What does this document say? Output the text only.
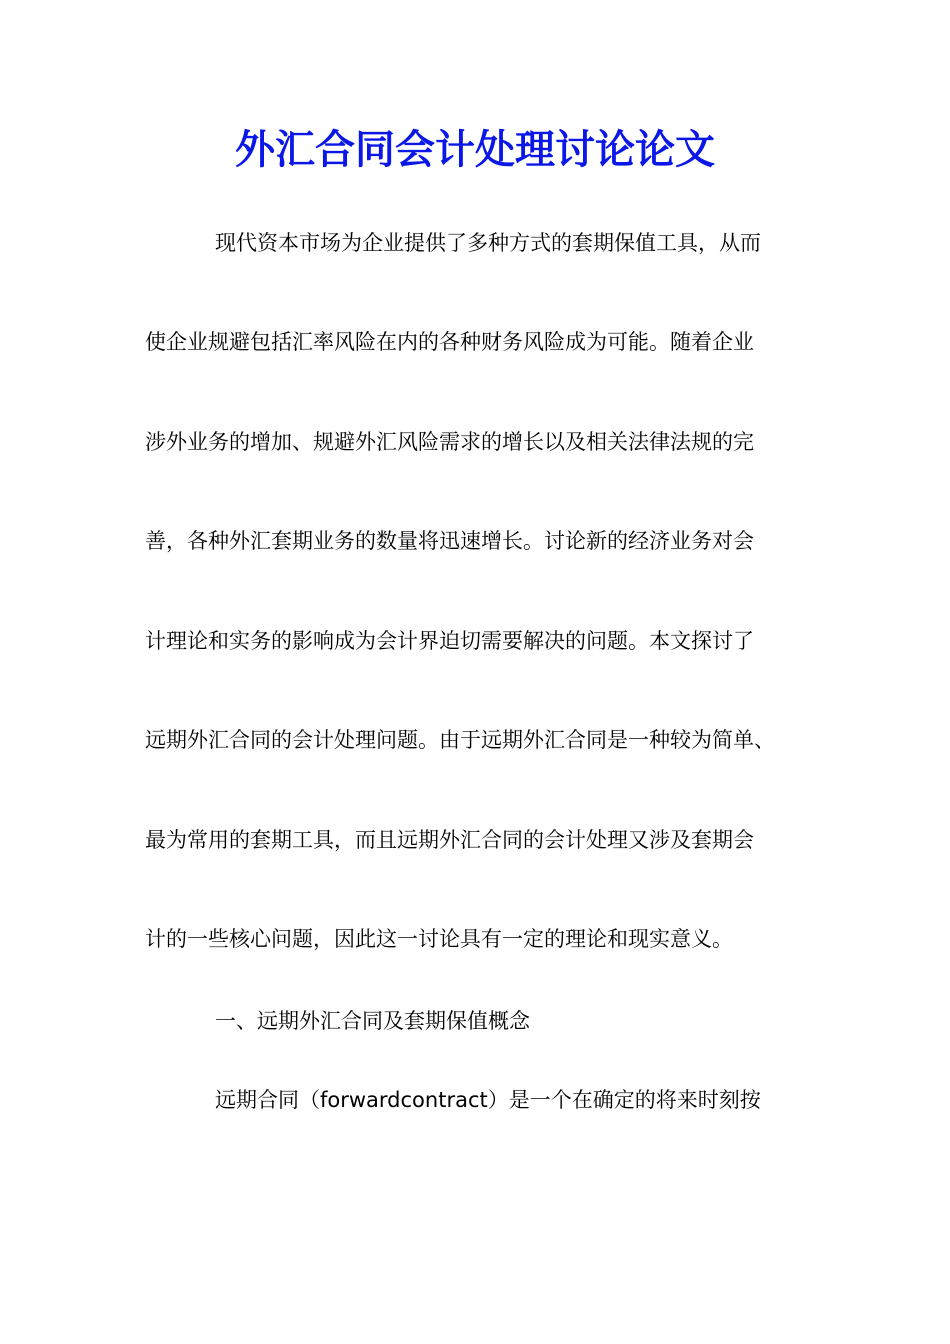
外汇合同会计处理讨论论文
现代资本市场为企业提供了多种方式的套期保值工具，从而
使企业规避包括汇率风险在内的各种财务风险成为可能。随着企业
涉外业务的增加、规避外汇风险需求的增长以及相关法律法规的完
善，各种外汇套期业务的数量将迅速增长。讨论新的经济业务对会
计理论和实务的影响成为会计界迫切需要解决的问题。本文探讨了
远期外汇合同的会计处理问题。由于远期外汇合同是一种较为简单、
最为常用的套期工具，而且远期外汇合同的会计处理又涉及套期会
计的一些核心问题，因此这一讨论具有一定的理论和现实意义。
一、远期外汇合同及套期保值概念
远期合同（forwardcontract）是一个在确定的将来时刻按
